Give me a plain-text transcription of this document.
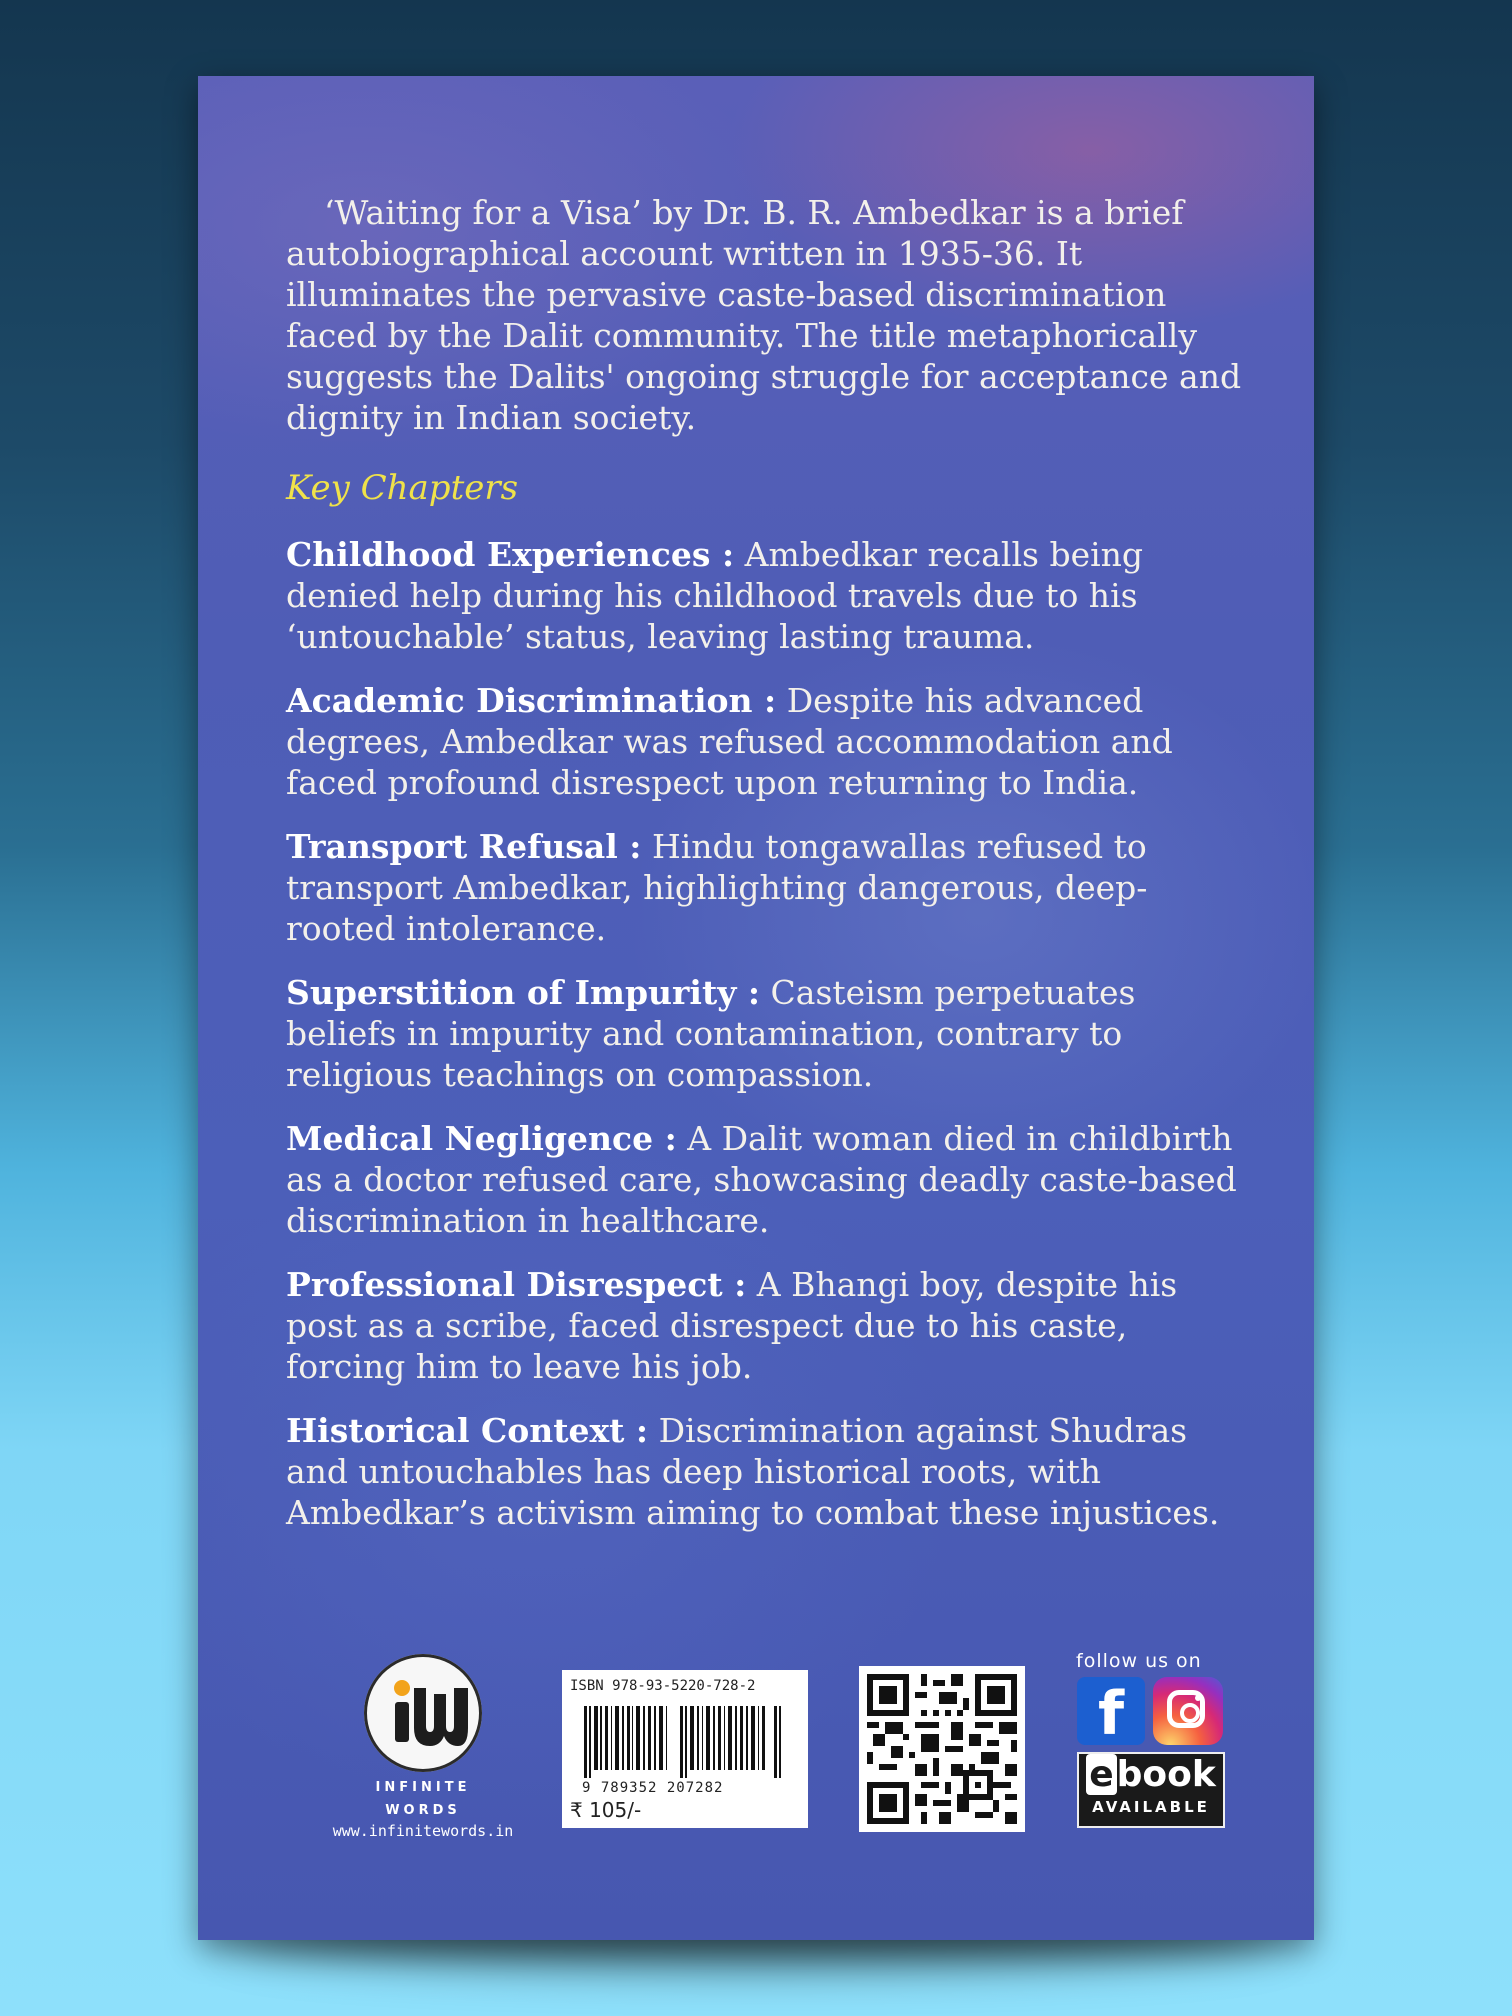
‘Waiting for a Visa’ by Dr. B. R. Ambedkar is a brief autobiographical account written in 1935-36. It illuminates the pervasive caste-based discrimination faced by the Dalit community. The title metaphorically suggests the Dalits' ongoing struggle for acceptance and dignity in Indian society.

Key Chapters

Childhood Experiences : Ambedkar recalls being denied help during his childhood travels due to his ‘untouchable’ status, leaving lasting trauma.

Academic Discrimination : Despite his advanced degrees, Ambedkar was refused accommodation and faced profound disrespect upon returning to India.

Transport Refusal : Hindu tongawallas refused to transport Ambedkar, highlighting dangerous, deep-rooted intolerance.

Superstition of Impurity : Casteism perpetuates beliefs in impurity and contamination, contrary to religious teachings on compassion.

Medical Negligence : A Dalit woman died in childbirth as a doctor refused care, showcasing deadly caste-based discrimination in healthcare.

Professional Disrespect : A Bhangi boy, despite his post as a scribe, faced disrespect due to his caste, forcing him to leave his job.

Historical Context : Discrimination against Shudras and untouchables has deep historical roots, with Ambedkar’s activism aiming to combat these injustices.

INFINITE
WORDS
www.infinitewords.in
ISBN 978-93-5220-728-2
9 789352 207282
₹ 105/-
follow us on
f
ebook
AVAILABLE
